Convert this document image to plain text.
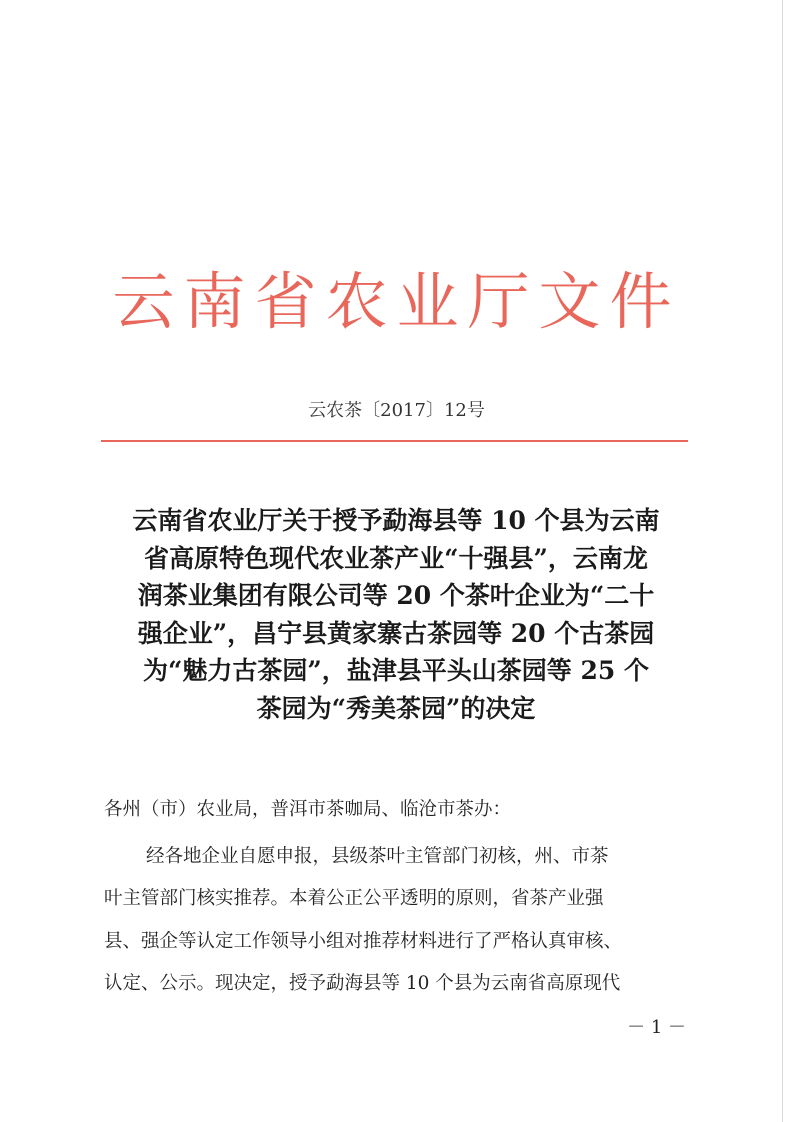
云南省农业厅文件
云农茶〔2017〕12号
云南省农业厅关于授予勐海县等 10 个县为云南
省高原特色现代农业茶产业“十强县”，云南龙
润茶业集团有限公司等 20 个茶叶企业为“二十
强企业”，昌宁县黄家寨古茶园等 20 个古茶园
为“魅力古茶园”，盐津县平头山茶园等 25 个
茶园为“秀美茶园”的决定
各州（市）农业局，普洱市茶咖局、临沧市茶办：
经各地企业自愿申报，县级茶叶主管部门初核，州、市茶
叶主管部门核实推荐。本着公正公平透明的原则，省茶产业强
县、强企等认定工作领导小组对推荐材料进行了严格认真审核、
认定、公示。现决定，授予勐海县等 10 个县为云南省高原现代
－ 1 －
